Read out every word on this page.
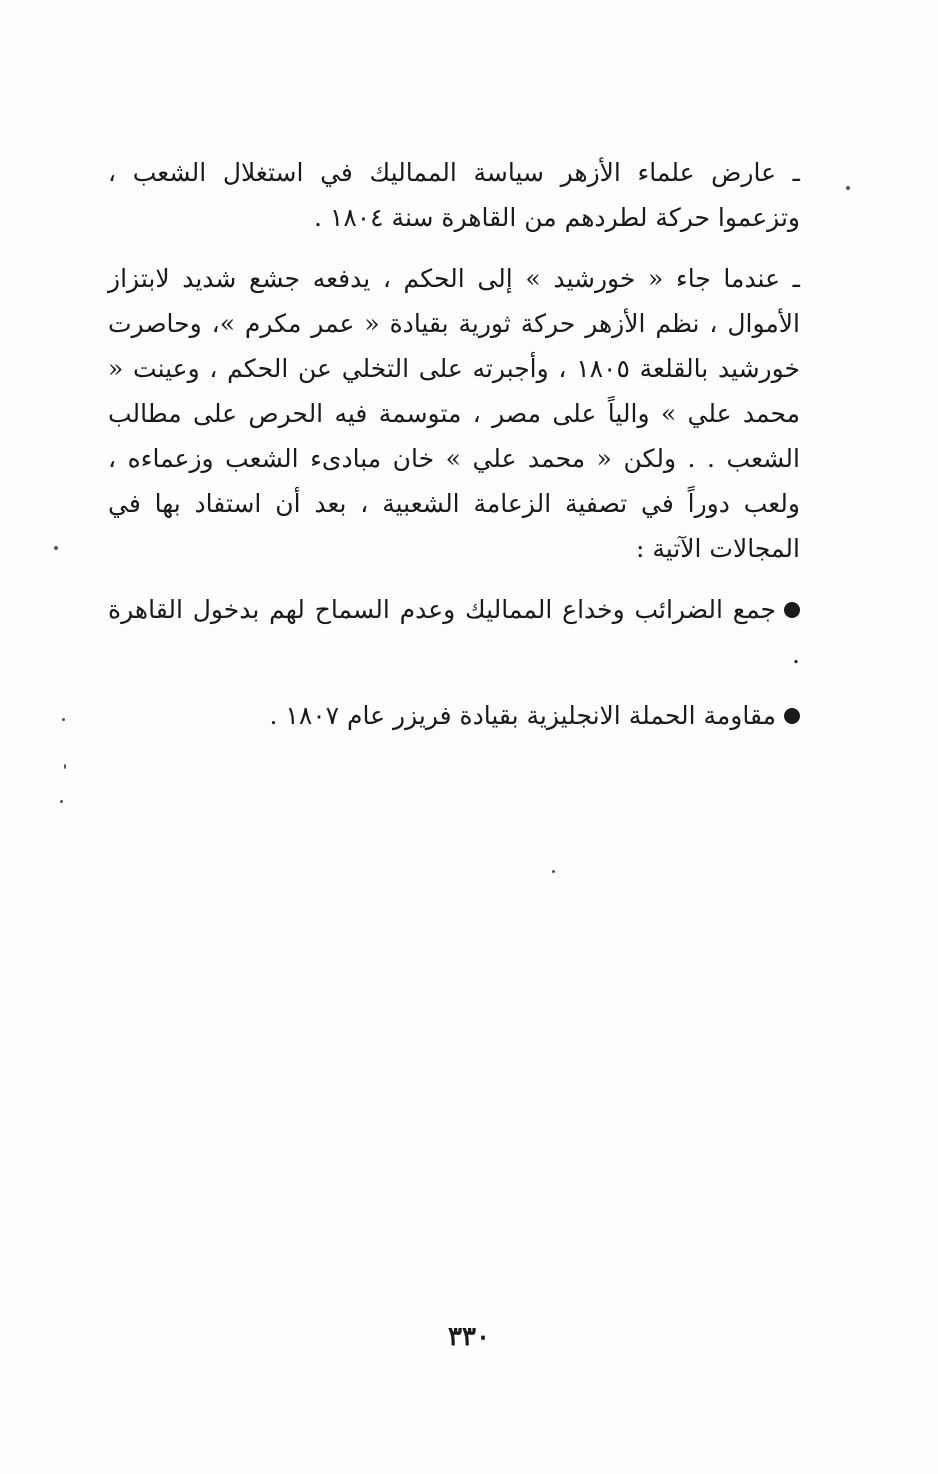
ـ عارض علماء الأزهر سياسة المماليك في استغلال الشعب ، وتزعموا حركة لطردهم من القاهرة سنة ١٨٠٤ .

ـ عندما جاء « خورشيد » إلى الحكم ، يدفعه جشع شديد لابتزاز الأموال ، نظم الأزهر حركة ثورية بقيادة « عمر مكرم »، وحاصرت خورشيد بالقلعة ١٨٠٥ ، وأجبرته على التخلي عن الحكم ، وعينت « محمد علي » والياً على مصر ، متوسمة فيه الحرص على مطالب الشعب . . ولكن « محمد علي » خان مبادىء الشعب وزعماءه ، ولعب دوراً في تصفية الزعامة الشعبية ، بعد أن استفاد بها في المجالات الآتية :

جمع الضرائب وخداع المماليك وعدم السماح لهم بدخول القاهرة .

مقاومة الحملة الانجليزية بقيادة فريزر عام ١٨٠٧ .

٣٣٠
